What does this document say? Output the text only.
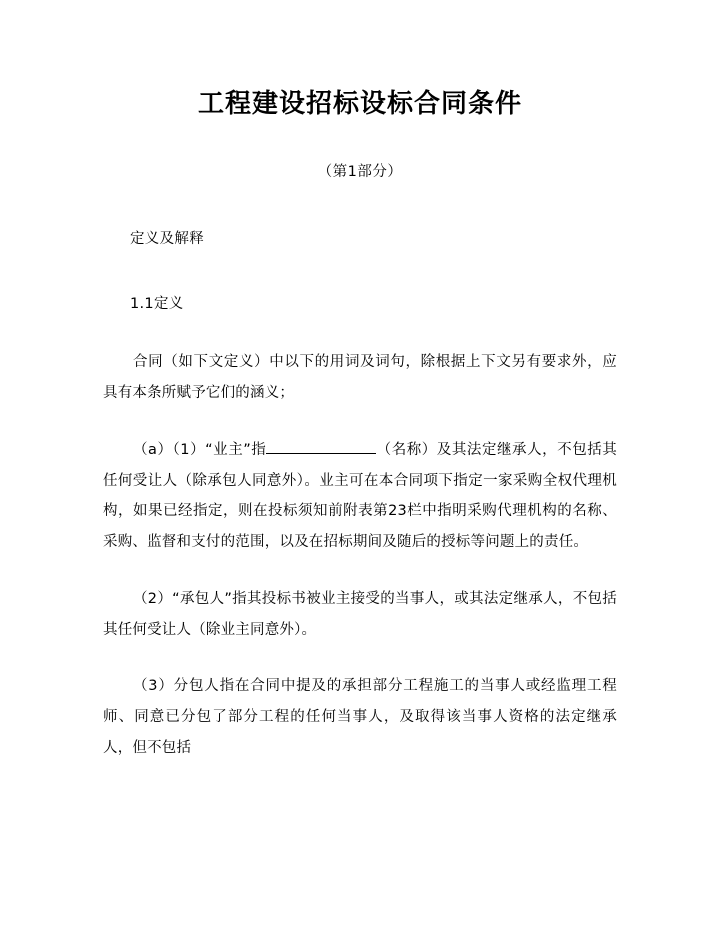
工程建设招标设标合同条件

（第1部分）

定义及解释

1.1定义

合同（如下文定义）中以下的用词及词句，除根据上下文另有要求外，应具有本条所赋予它们的涵义；

（a）（1）“业主”指	（名称）及其法定继承人，不包括其任何受让人（除承包人同意外）。业主可在本合同项下指定一家采购全权代理机构，如果已经指定，则在投标须知前附表第23栏中指明采购代理机构的名称、采购、监督和支付的范围，以及在招标期间及随后的授标等问题上的责任。

（2）“承包人”指其投标书被业主接受的当事人，或其法定继承人，不包括其任何受让人（除业主同意外）。

（3）分包人指在合同中提及的承担部分工程施工的当事人或经监理工程师、同意已分包了部分工程的任何当事人，及取得该当事人资格的法定继承人，但不包括
